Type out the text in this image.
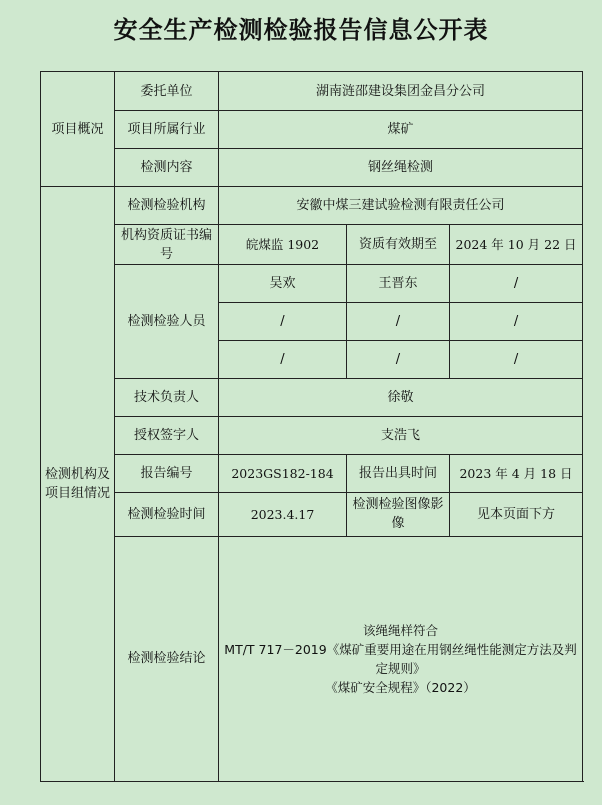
安全生产检测检验报告信息公开表
项目概况	委托单位	湖南涟邵建设集团金昌分公司		
	项目所属行业	煤矿		
	检测内容	钢丝绳检测		
检测机构及项目组情况	检测检验机构	安徽中煤三建试验检测有限责任公司		
	机构资质证书编号	皖煤监 1902	资质有效期至	2024 年 10 月 22 日
	检测检验人员	吴欢	王晋东	/
		/	/	/
		/	/	/
	技术负责人	徐敬		
	授权签字人	支浩飞		
	报告编号	2023GS182-184	报告出具时间	2023 年 4 月 18 日
	检测检验时间	2023.4.17	检测检验图像影像	见本页面下方
	检测检验结论	该绳绳样符合
MT/T 717－2019《煤矿重要用途在用钢丝绳性能测定方法及判定规则》
《煤矿安全规程》（2022）		
